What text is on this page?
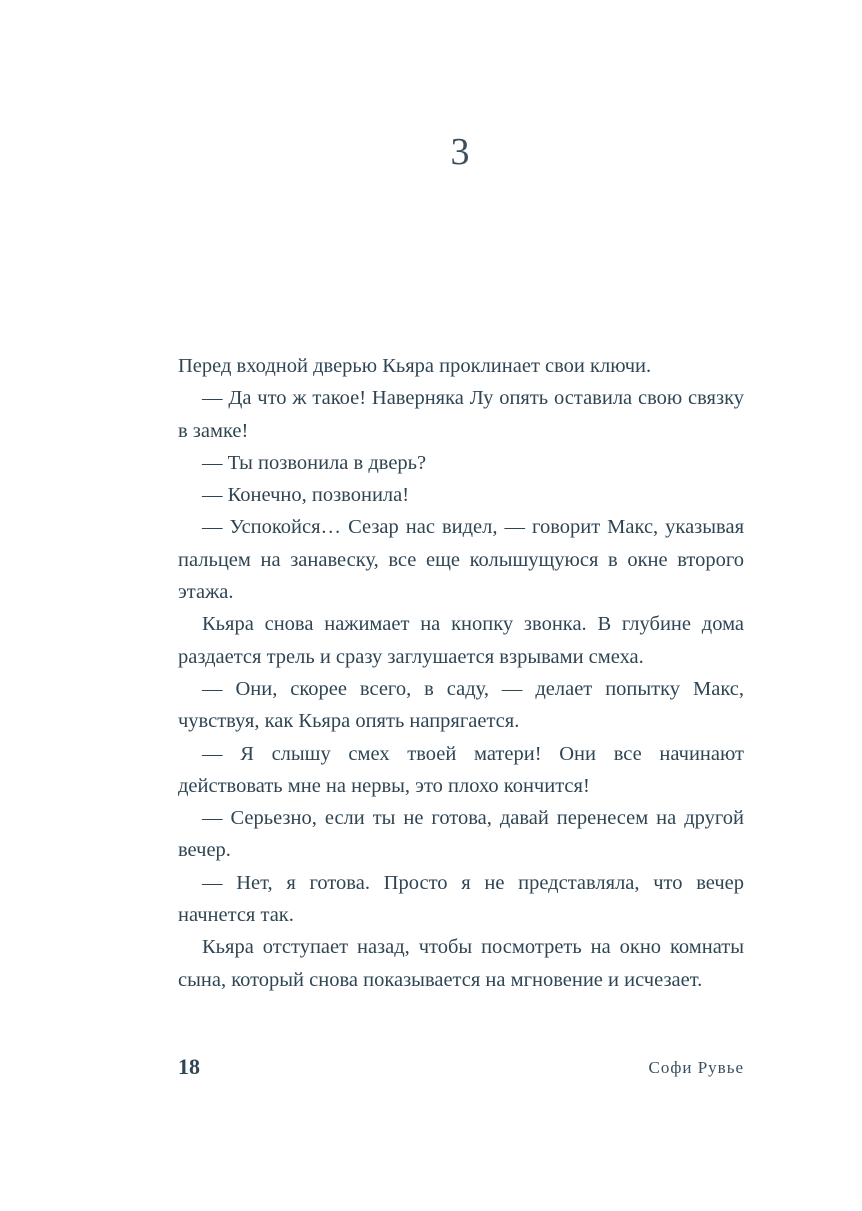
3

Перед входной дверью Кьяра проклинает свои ключи.

— Да что ж такое! Наверняка Лу опять оставила свою связку в замке!

— Ты позвонила в дверь?

— Конечно, позвонила!

— Успокойся… Сезар нас видел, — говорит Макс, указывая пальцем на занавеску, все еще колышущуюся в окне второго этажа.

Кьяра снова нажимает на кнопку звонка. В глубине дома раздается трель и сразу заглушается взрывами смеха.

— Они, скорее всего, в саду, — делает попытку Макс, чувствуя, как Кьяра опять напрягается.

— Я слышу смех твоей матери! Они все начинают действовать мне на нервы, это плохо кончится!

— Серьезно, если ты не готова, давай перенесем на другой вечер.

— Нет, я готова. Просто я не представляла, что вечер начнется так.

Кьяра отступает назад, чтобы посмотреть на окно комнаты сына, который снова показывается на мгновение и исчезает.

18	Софи Рувье
